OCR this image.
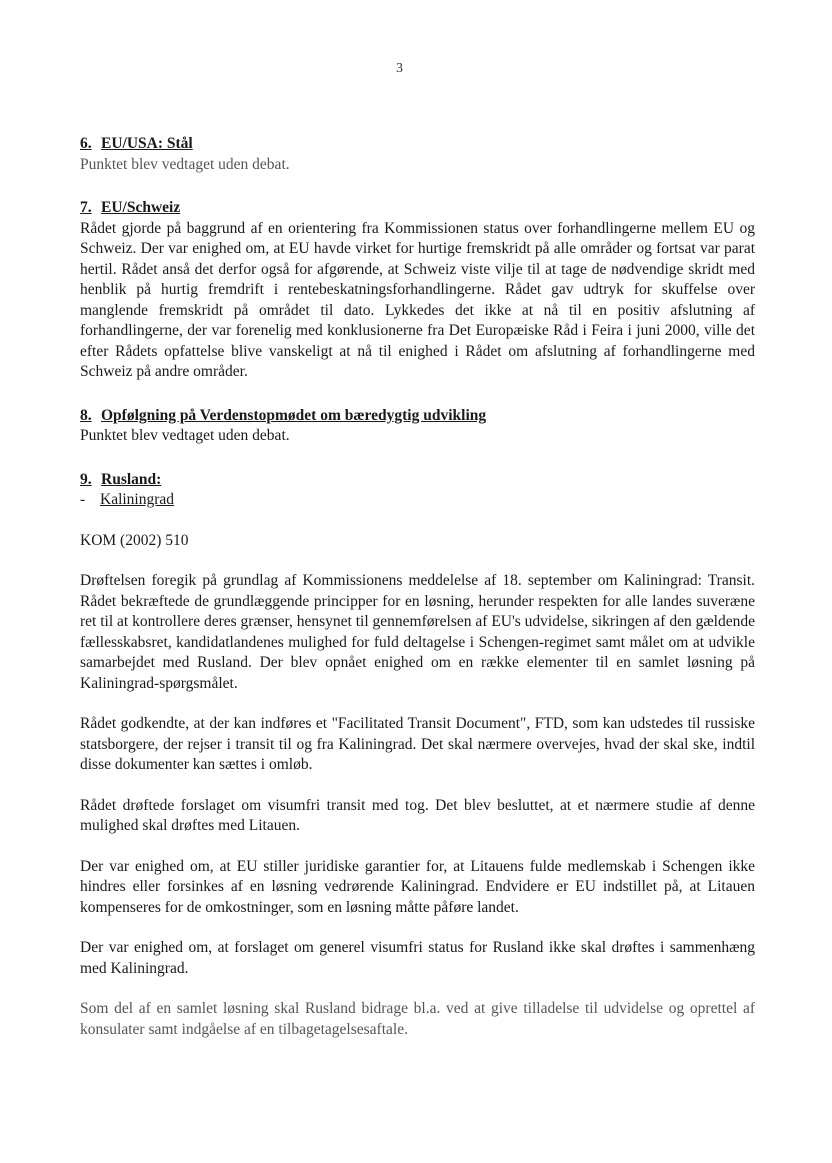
3
6. EU/USA: Stål

Punktet blev vedtaget uden debat.

7. EU/Schweiz

Rådet gjorde på baggrund af en orientering fra Kommissionen status over forhandlingerne mellem EU og Schweiz. Der var enighed om, at EU havde virket for hurtige fremskridt på alle områder og fortsat var parat hertil. Rådet anså det derfor også for afgørende, at Schweiz viste vilje til at tage de nødvendige skridt med henblik på hurtig fremdrift i rentebeskatningsforhandlingerne. Rådet gav udtryk for skuffelse over manglende fremskridt på området til dato. Lykkedes det ikke at nå til en positiv afslutning af forhandlingerne, der var forenelig med konklusionerne fra Det Europæiske Råd i Feira i juni 2000, ville det efter Rådets opfattelse blive vanskeligt at nå til enighed i Rådet om afslutning af forhandlingerne med Schweiz på andre områder.

8. Opfølgning på Verdenstopmødet om bæredygtig udvikling

Punktet blev vedtaget uden debat.

9. Rusland:
- Kaliningrad

KOM (2002) 510

Drøftelsen foregik på grundlag af Kommissionens meddelelse af 18. september om Kaliningrad: Transit. Rådet bekræftede de grundlæggende principper for en løsning, herunder respekten for alle landes suveræne ret til at kontrollere deres grænser, hensynet til gennemførelsen af EU's udvidelse, sikringen af den gældende fællesskabsret, kandidatlandenes mulighed for fuld deltagelse i Schengen-regimet samt målet om at udvikle samarbejdet med Rusland. Der blev opnået enighed om en række elementer til en samlet løsning på Kaliningrad-spørgsmålet.

Rådet godkendte, at der kan indføres et "Facilitated Transit Document", FTD, som kan udstedes til russiske statsborgere, der rejser i transit til og fra Kaliningrad. Det skal nærmere overvejes, hvad der skal ske, indtil disse dokumenter kan sættes i omløb.

Rådet drøftede forslaget om visumfri transit med tog. Det blev besluttet, at et nærmere studie af denne mulighed skal drøftes med Litauen.

Der var enighed om, at EU stiller juridiske garantier for, at Litauens fulde medlemskab i Schengen ikke hindres eller forsinkes af en løsning vedrørende Kaliningrad. Endvidere er EU indstillet på, at Litauen kompenseres for de omkostninger, som en løsning måtte påføre landet.

Der var enighed om, at forslaget om generel visumfri status for Rusland ikke skal drøftes i sammenhæng med Kaliningrad.

Som del af en samlet løsning skal Rusland bidrage bl.a. ved at give tilladelse til udvidelse og oprettel af konsulater samt indgåelse af en tilbagetagelsesaftale.
